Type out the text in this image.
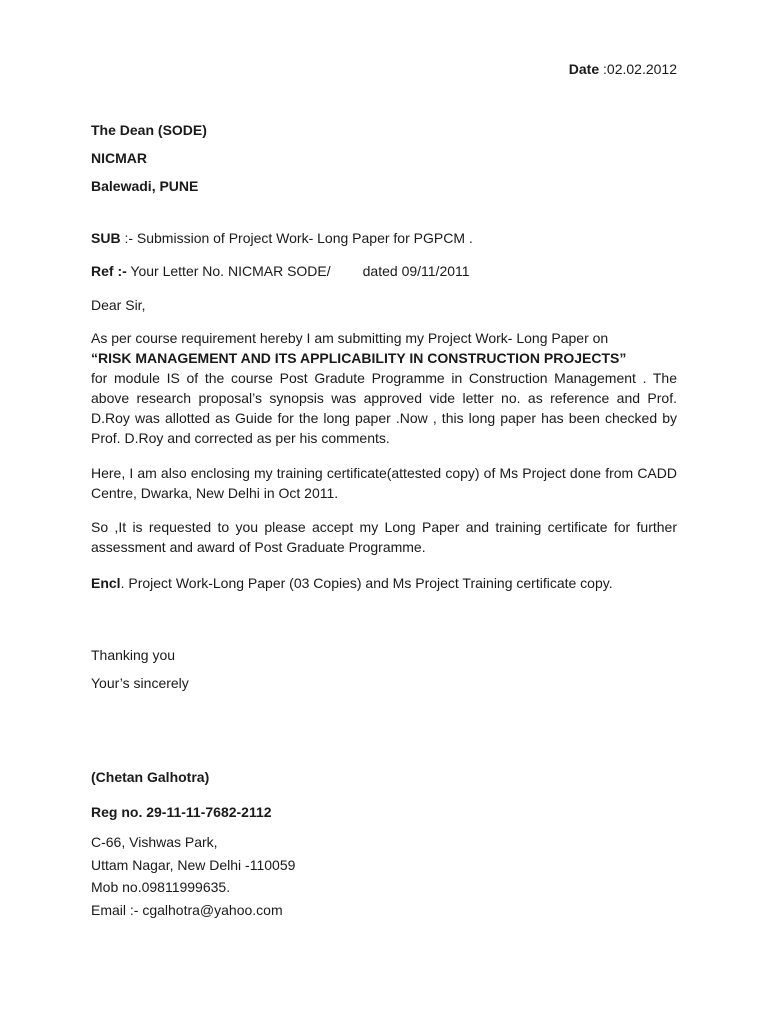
Date :02.02.2012
The Dean (SODE)
NICMAR
Balewadi, PUNE
SUB :- Submission of Project Work- Long Paper for PGPCM .
Ref :- Your Letter No. NICMAR SODE/ dated 09/11/2011
Dear Sir,
As per course requirement hereby I am submitting my Project Work- Long Paper on
“RISK MANAGEMENT AND ITS APPLICABILITY IN CONSTRUCTION PROJECTS”
for module IS of the course Post Gradute Programme in Construction Management . The above research proposal’s synopsis was approved vide letter no. as reference and Prof. D.Roy was allotted as Guide for the long paper .Now , this long paper has been checked by Prof. D.Roy and corrected as per his comments.
Here, I am also enclosing my training certificate(attested copy) of Ms Project done from CADD Centre, Dwarka, New Delhi in Oct 2011.
So ,It is requested to you please accept my Long Paper and training certificate for further assessment and award of Post Graduate Programme.
Encl. Project Work-Long Paper (03 Copies) and Ms Project Training certificate copy.
Thanking you
Your’s sincerely
(Chetan Galhotra)
Reg no. 29-11-11-7682-2112
C-66, Vishwas Park,
Uttam Nagar, New Delhi -110059
Mob no.09811999635.
Email :- cgalhotra@yahoo.com
